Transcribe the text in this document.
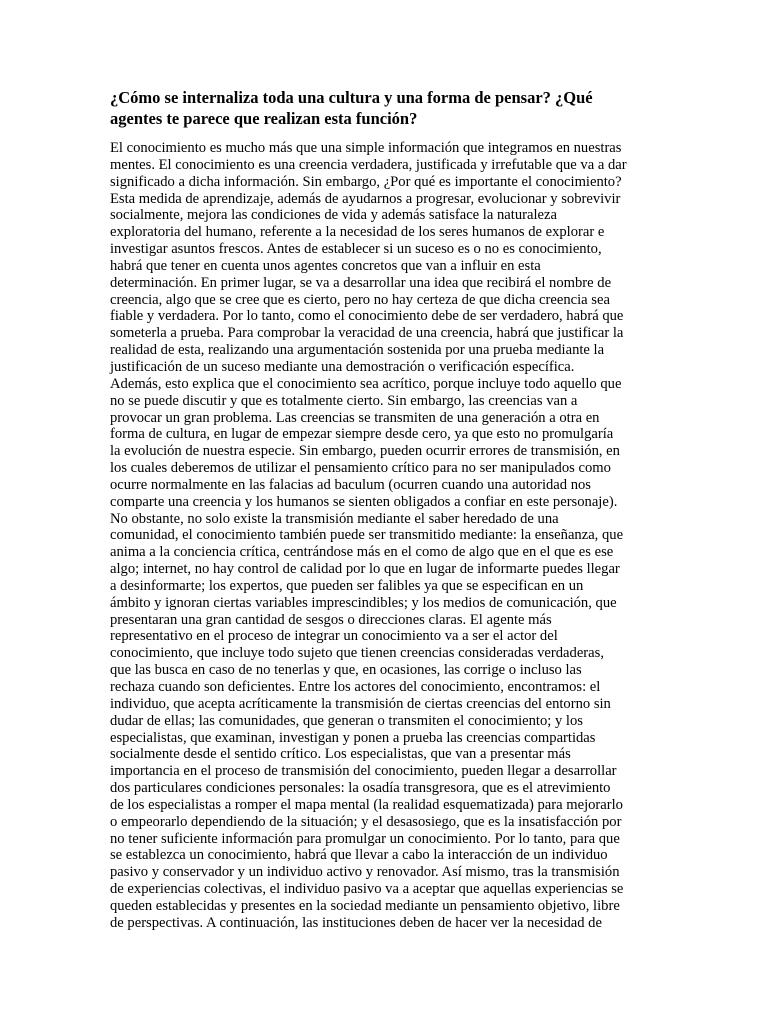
¿Cómo se internaliza toda una cultura y una forma de pensar? ¿Qué
agentes te parece que realizan esta función?
El conocimiento es mucho más que una simple información que integramos en nuestras
mentes. El conocimiento es una creencia verdadera, justificada y irrefutable que va a dar
significado a dicha información. Sin embargo, ¿Por qué es importante el conocimiento?
Esta medida de aprendizaje, además de ayudarnos a progresar, evolucionar y sobrevivir
socialmente, mejora las condiciones de vida y además satisface la naturaleza
exploratoria del humano, referente a la necesidad de los seres humanos de explorar e
investigar asuntos frescos. Antes de establecer si un suceso es o no es conocimiento,
habrá que tener en cuenta unos agentes concretos que van a influir en esta
determinación. En primer lugar, se va a desarrollar una idea que recibirá el nombre de
creencia, algo que se cree que es cierto, pero no hay certeza de que dicha creencia sea
fiable y verdadera. Por lo tanto, como el conocimiento debe de ser verdadero, habrá que
someterla a prueba. Para comprobar la veracidad de una creencia, habrá que justificar la
realidad de esta, realizando una argumentación sostenida por una prueba mediante la
justificación de un suceso mediante una demostración o verificación específica.
Además, esto explica que el conocimiento sea acrítico, porque incluye todo aquello que
no se puede discutir y que es totalmente cierto. Sin embargo, las creencias van a
provocar un gran problema. Las creencias se transmiten de una generación a otra en
forma de cultura, en lugar de empezar siempre desde cero, ya que esto no promulgaría
la evolución de nuestra especie. Sin embargo, pueden ocurrir errores de transmisión, en
los cuales deberemos de utilizar el pensamiento crítico para no ser manipulados como
ocurre normalmente en las falacias ad baculum (ocurren cuando una autoridad nos
comparte una creencia y los humanos se sienten obligados a confiar en este personaje).
No obstante, no solo existe la transmisión mediante el saber heredado de una
comunidad, el conocimiento también puede ser transmitido mediante: la enseñanza, que
anima a la conciencia crítica, centrándose más en el como de algo que en el que es ese
algo; internet, no hay control de calidad por lo que en lugar de informarte puedes llegar
a desinformarte; los expertos, que pueden ser falibles ya que se especifican en un
ámbito y ignoran ciertas variables imprescindibles; y los medios de comunicación, que
presentaran una gran cantidad de sesgos o direcciones claras. El agente más
representativo en el proceso de integrar un conocimiento va a ser el actor del
conocimiento, que incluye todo sujeto que tienen creencias consideradas verdaderas,
que las busca en caso de no tenerlas y que, en ocasiones, las corrige o incluso las
rechaza cuando son deficientes. Entre los actores del conocimiento, encontramos: el
individuo, que acepta acríticamente la transmisión de ciertas creencias del entorno sin
dudar de ellas; las comunidades, que generan o transmiten el conocimiento; y los
especialistas, que examinan, investigan y ponen a prueba las creencias compartidas
socialmente desde el sentido crítico. Los especialistas, que van a presentar más
importancia en el proceso de transmisión del conocimiento, pueden llegar a desarrollar
dos particulares condiciones personales: la osadía transgresora, que es el atrevimiento
de los especialistas a romper el mapa mental (la realidad esquematizada) para mejorarlo
o empeorarlo dependiendo de la situación; y el desasosiego, que es la insatisfacción por
no tener suficiente información para promulgar un conocimiento. Por lo tanto, para que
se establezca un conocimiento, habrá que llevar a cabo la interacción de un individuo
pasivo y conservador y un individuo activo y renovador. Así mismo, tras la transmisión
de experiencias colectivas, el individuo pasivo va a aceptar que aquellas experiencias se
queden establecidas y presentes en la sociedad mediante un pensamiento objetivo, libre
de perspectivas. A continuación, las instituciones deben de hacer ver la necesidad de
